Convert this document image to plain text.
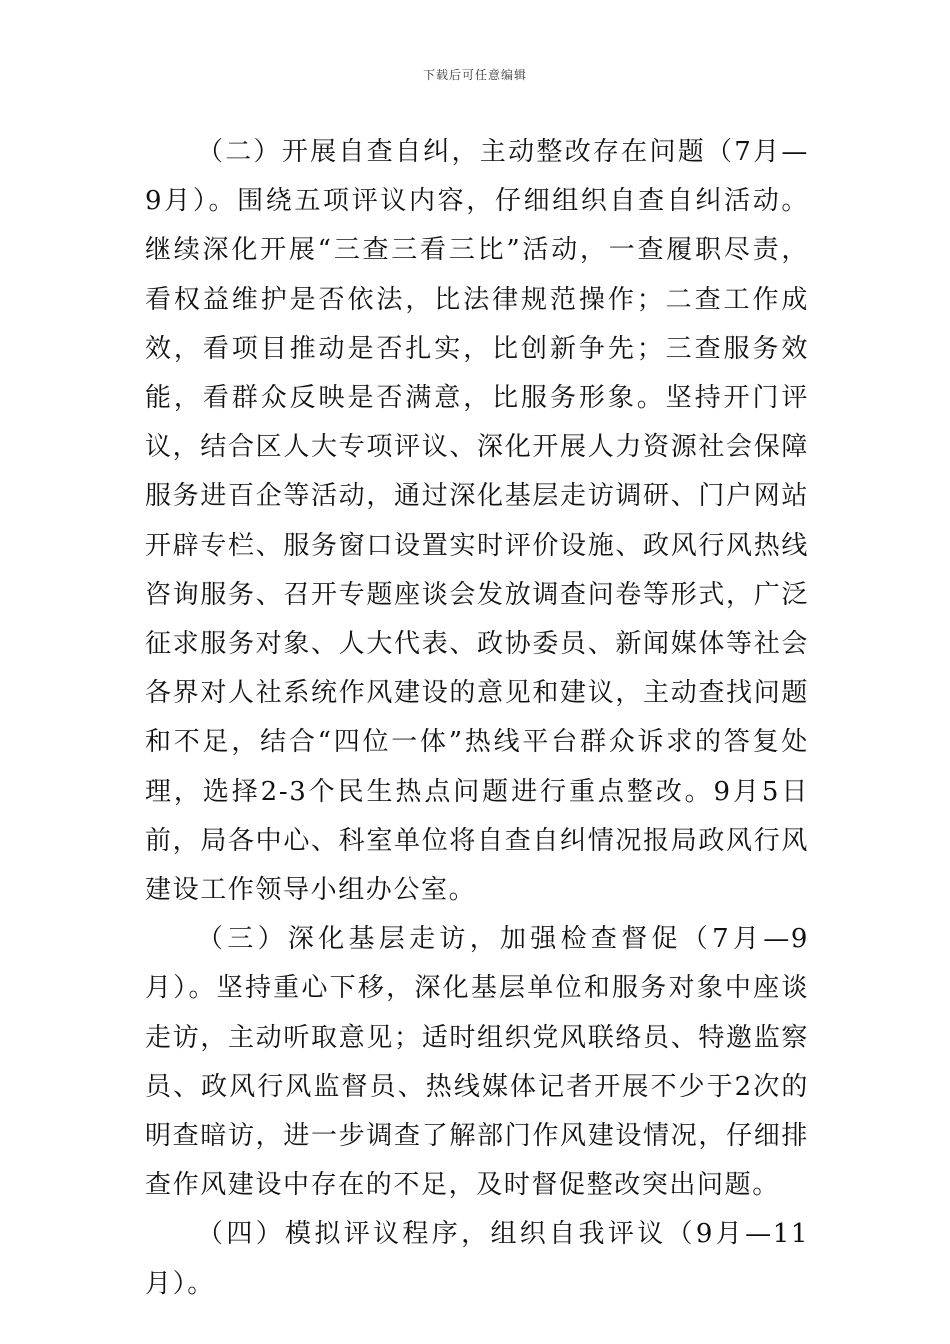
下载后可任意编辑

（二）开展自查自纠，主动整改存在问题（7月—9月）。围绕五项评议内容，仔细组织自查自纠活动。继续深化开展“三查三看三比”活动，一查履职尽责，看权益维护是否依法，比法律规范操作；二查工作成效，看项目推动是否扎实，比创新争先；三查服务效能，看群众反映是否满意，比服务形象。坚持开门评议，结合区人大专项评议、深化开展人力资源社会保障服务进百企等活动，通过深化基层走访调研、门户网站开辟专栏、服务窗口设置实时评价设施、政风行风热线咨询服务、召开专题座谈会发放调查问卷等形式，广泛征求服务对象、人大代表、政协委员、新闻媒体等社会各界对人社系统作风建设的意见和建议，主动查找问题和不足，结合“四位一体”热线平台群众诉求的答复处理，选择2-3个民生热点问题进行重点整改。9月5日前，局各中心、科室单位将自查自纠情况报局政风行风建设工作领导小组办公室。

（三）深化基层走访，加强检查督促（7月—9月）。坚持重心下移，深化基层单位和服务对象中座谈走访，主动听取意见；适时组织党风联络员、特邀监察员、政风行风监督员、热线媒体记者开展不少于2次的明查暗访，进一步调查了解部门作风建设情况，仔细排查作风建设中存在的不足，及时督促整改突出问题。

（四）模拟评议程序，组织自我评议（9月—11月）。
